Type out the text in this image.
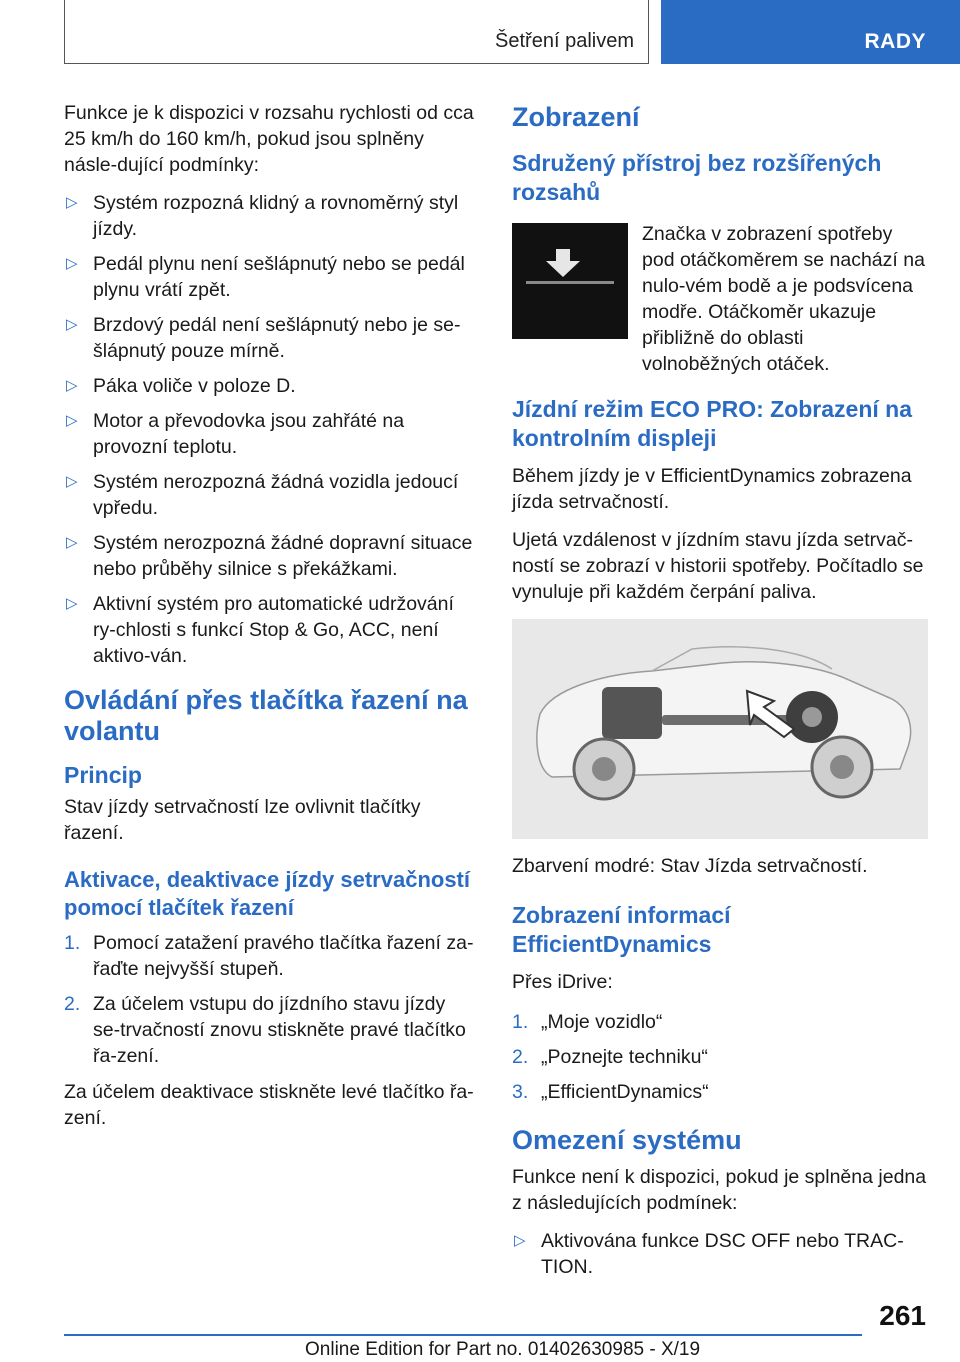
Šetření palivem	RADY

Funkce je k dispozici v rozsahu rychlosti od cca 25 km/h do 160 km/h, pokud jsou splněny násle-dující podmínky:

▷ Systém rozpozná klidný a rovnoměrný styl jízdy.
▷ Pedál plynu není sešlápnutý nebo se pedál plynu vrátí zpět.
▷ Brzdový pedál není sešlápnutý nebo je se-šlápnutý pouze mírně.
▷ Páka voliče v poloze D.
▷ Motor a převodovka jsou zahřáté na provozní teplotu.
▷ Systém nerozpozná žádná vozidla jedoucí vpředu.
▷ Systém nerozpozná žádné dopravní situace nebo průběhy silnice s překážkami.
▷ Aktivní systém pro automatické udržování ry-chlosti s funkcí Stop & Go, ACC, není aktivo-ván.
Ovládání přes tlačítka řazení na volantu
Princip

Stav jízdy setrvačností lze ovlivnit tlačítky řazení.

Aktivace, deaktivace jízdy setrvačností pomocí tlačítek řazení
1. Pomocí zatažení pravého tlačítka řazení za-řaďte nejvyšší stupeň.
2. Za účelem vstupu do jízdního stavu jízdy se-trvačností znovu stiskněte pravé tlačítko řa-zení.

Za účelem deaktivace stiskněte levé tlačítko řa-zení.

Zobrazení
Sdružený přístroj bez rozšířených rozsahů

Značka v zobrazení spotřeby pod otáčkoměrem se nachází na nulo-vém bodě a je podsvícena modře. Otáčkoměr ukazuje přibližně do oblasti volnoběžných otáček.

Jízdní režim ECO PRO: Zobrazení na kontrolním displeji

Během jízdy je v EfficientDynamics zobrazena jízda setrvačností.

Ujetá vzdálenost v jízdním stavu jízda setrvač-ností se zobrazí v historii spotřeby. Počítadlo se vynuluje při každém čerpání paliva.

Zbarvení modré: Stav Jízda setrvačností.

Zobrazení informací EfficientDynamics

Přes iDrive:

1. „Moje vozidlo“
2. „Poznejte techniku“
3. „EfficientDynamics“
Omezení systému

Funkce není k dispozici, pokud je splněna jedna z následujících podmínek:

▷ Aktivována funkce DSC OFF nebo TRAC-TION.
261
Online Edition for Part no. 01402630985 - X/19
